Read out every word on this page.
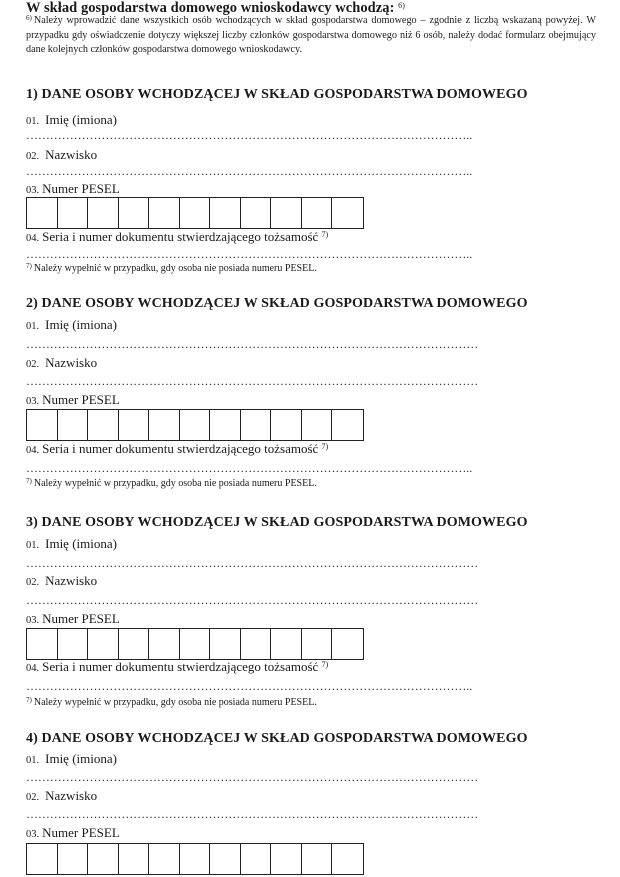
W skład gospodarstwa domowego wnioskodawcy wchodzą: $^{6)}$
$^{6)}$ Należy wprowadzić dane wszystkich osób wchodzących w skład gospodarstwa domowego – zgodnie z liczbą wskazaną powyżej. W przypadku gdy oświadczenie dotyczy większej liczby członków gospodarstwa domowego niż 6 osób, należy dodać formularz obejmujący dane kolejnych członków gospodarstwa domowego wnioskodawcy.
1) DANE OSOBY WCHODZĄCEJ W SKŁAD GOSPODARSTWA DOMOWEGO
01. Imię (imiona)
…………………………………………………………………………………………………..
02. Nazwisko
…………………………………………………………………………………………………..
03. Numer PESEL
04. Seria i numer dokumentu stwierdzającego tożsamość $^{7)}$
…………………………………………………………………………………………………..
$^{7)}$ Należy wypełnić w przypadku, gdy osoba nie posiada numeru PESEL.
2) DANE OSOBY WCHODZĄCEJ W SKŁAD GOSPODARSTWA DOMOWEGO
01. Imię (imiona)
……………………………………………………………………………………………………
02. Nazwisko
……………………………………………………………………………………………………
03. Numer PESEL
04. Seria i numer dokumentu stwierdzającego tożsamość $^{7)}$
…………………………………………………………………………………………………..
$^{7)}$ Należy wypełnić w przypadku, gdy osoba nie posiada numeru PESEL.
3) DANE OSOBY WCHODZĄCEJ W SKŁAD GOSPODARSTWA DOMOWEGO
01. Imię (imiona)
……………………………………………………………………………………………………
02. Nazwisko
……………………………………………………………………………………………………
03. Numer PESEL
04. Seria i numer dokumentu stwierdzającego tożsamość $^{7)}$
…………………………………………………………………………………………………..
$^{7)}$ Należy wypełnić w przypadku, gdy osoba nie posiada numeru PESEL.
4) DANE OSOBY WCHODZĄCEJ W SKŁAD GOSPODARSTWA DOMOWEGO
01. Imię (imiona)
……………………………………………………………………………………………………
02. Nazwisko
……………………………………………………………………………………………………
03. Numer PESEL
